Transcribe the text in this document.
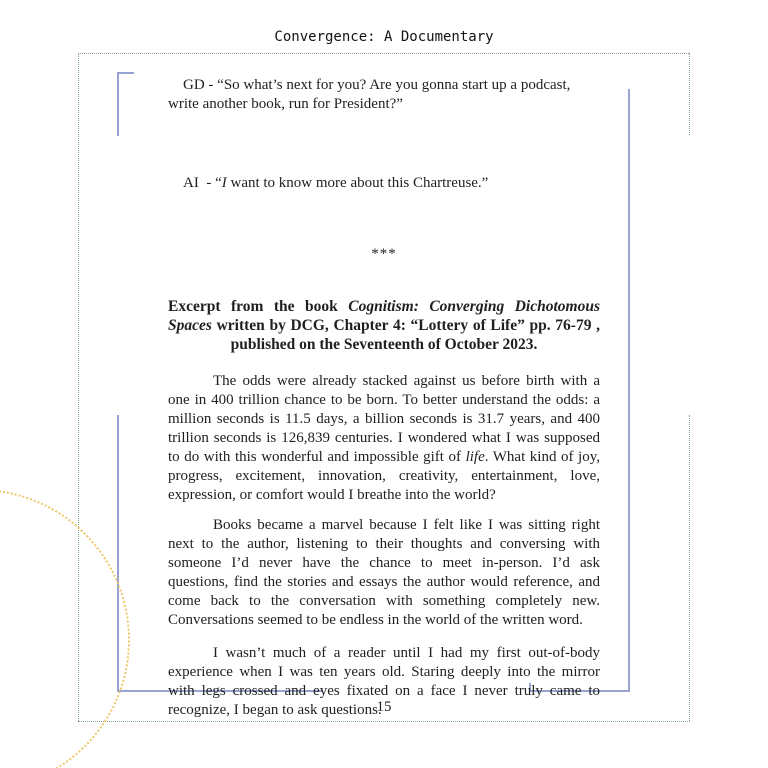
Convergence: A Documentary

GD - “So what’s next for you? Are you gonna start up a podcast, write another book, run for President?”

AI  - “I want to know more about this Chartreuse.”

***

Excerpt from the book Cognitism: Converging Dichotomous Spaces written by DCG, Chapter 4: “Lottery of Life” pp. 76-79 , published on the Seventeenth of October 2023.

The odds were already stacked against us before birth with a one in 400 trillion chance to be born. To better understand the odds: a million seconds is 11.5 days, a billion seconds is 31.7 years, and 400 trillion seconds is 126,839 centuries. I wondered what I was supposed to do with this wonderful and impossible gift of life. What kind of joy, progress, excitement, innovation, creativity, entertainment, love, expression, or comfort would I breathe into the world?

Books became a marvel because I felt like I was sitting right next to the author, listening to their thoughts and conversing with someone I’d never have the chance to meet in-person. I’d ask questions, find the stories and essays the author would reference, and come back to the conversation with something completely new. Conversations seemed to be endless in the world of the written word.

I wasn’t much of a reader until I had my first out-of-body experience when I was ten years old. Staring deeply into the mirror with legs crossed and eyes fixated on a face I never truly came to recognize, I began to ask questions.

15
